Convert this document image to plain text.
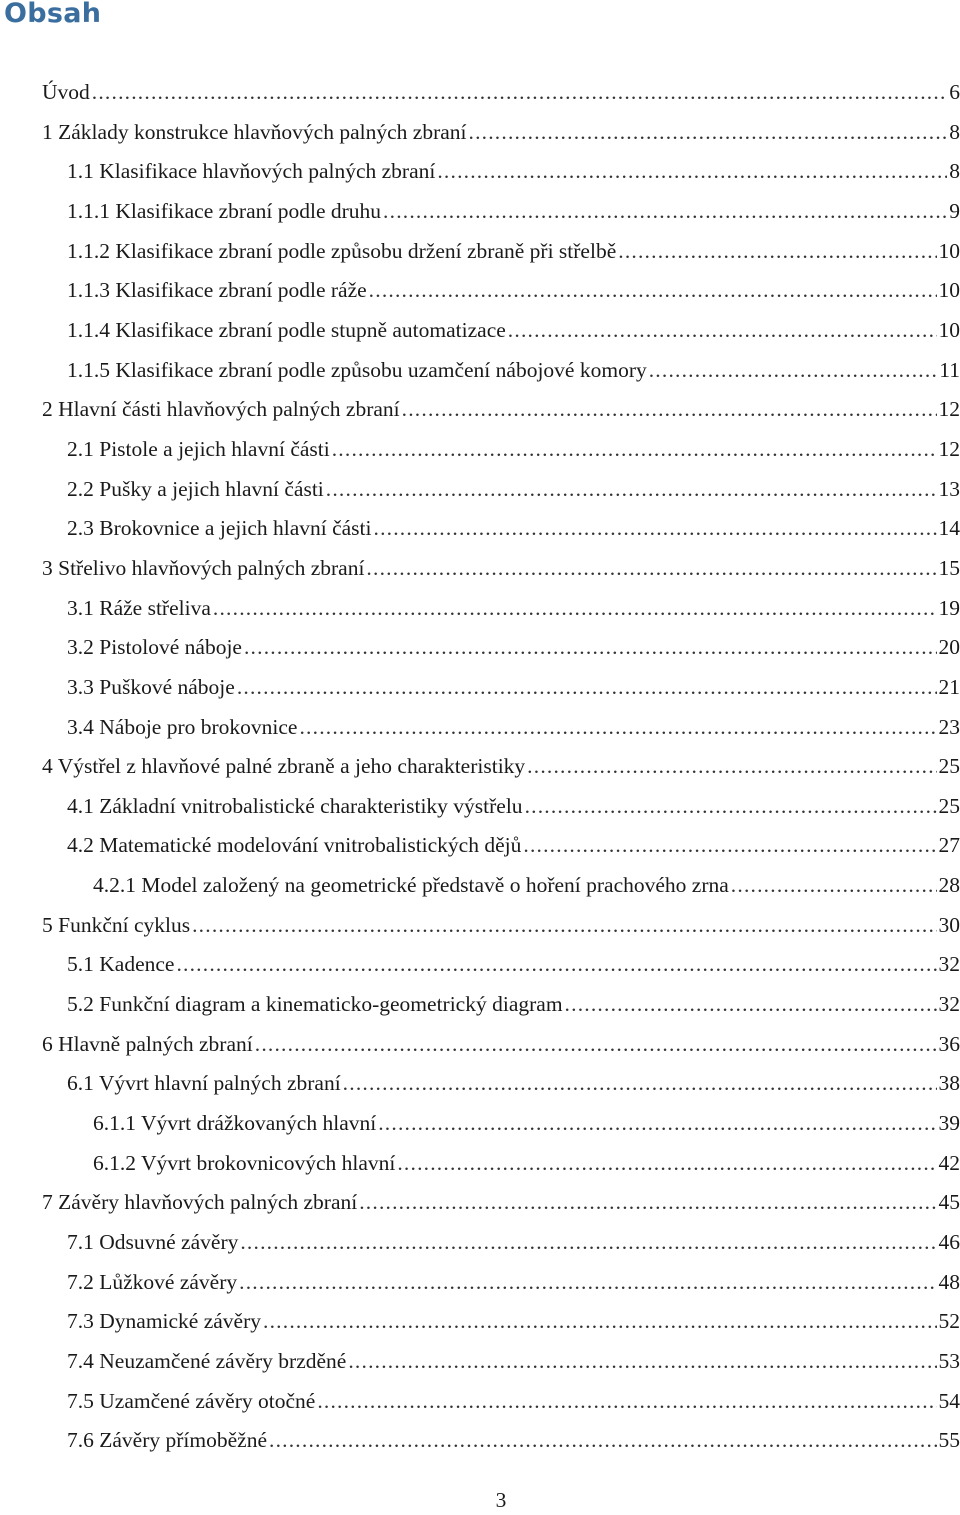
Obsah
Úvod .....	6
1 Základy konstrukce hlavňových palných zbraní .....	8
1.1 Klasifikace hlavňových palných zbraní .....	8
1.1.1 Klasifikace zbraní podle druhu .....	9
1.1.2 Klasifikace zbraní podle způsobu držení zbraně při střelbě .....	10
1.1.3 Klasifikace zbraní podle ráže .....	10
1.1.4 Klasifikace zbraní podle stupně automatizace .....	10
1.1.5 Klasifikace zbraní podle způsobu uzamčení nábojové komory .....	11
2 Hlavní části hlavňových palných zbraní .....	12
2.1 Pistole a jejich hlavní části .....	12
2.2 Pušky a jejich hlavní části .....	13
2.3 Brokovnice a jejich hlavní části .....	14
3 Střelivo hlavňových palných zbraní .....	15
3.1 Ráže střeliva .....	19
3.2 Pistolové náboje .....	20
3.3 Puškové náboje .....	21
3.4 Náboje pro brokovnice .....	23
4 Výstřel z hlavňové palné zbraně a jeho charakteristiky .....	25
4.1 Základní vnitrobalistické charakteristiky výstřelu .....	25
4.2 Matematické modelování vnitrobalistických dějů .....	27
4.2.1 Model založený na geometrické představě o hoření prachového zrna .....	28
5 Funkční cyklus .....	30
5.1 Kadence .....	32
5.2 Funkční diagram a kinematicko-geometrický diagram .....	32
6 Hlavně palných zbraní .....	36
6.1 Vývrt hlavní palných zbraní .....	38
6.1.1 Vývrt drážkovaných hlavní .....	39
6.1.2 Vývrt brokovnicových hlavní .....	42
7 Závěry hlavňových palných zbraní .....	45
7.1 Odsuvné závěry .....	46
7.2 Lůžkové závěry .....	48
7.3 Dynamické závěry .....	52
7.4 Neuzamčené závěry brzděné .....	53
7.5 Uzamčené závěry otočné .....	54
7.6 Závěry přímoběžné .....	55

3
